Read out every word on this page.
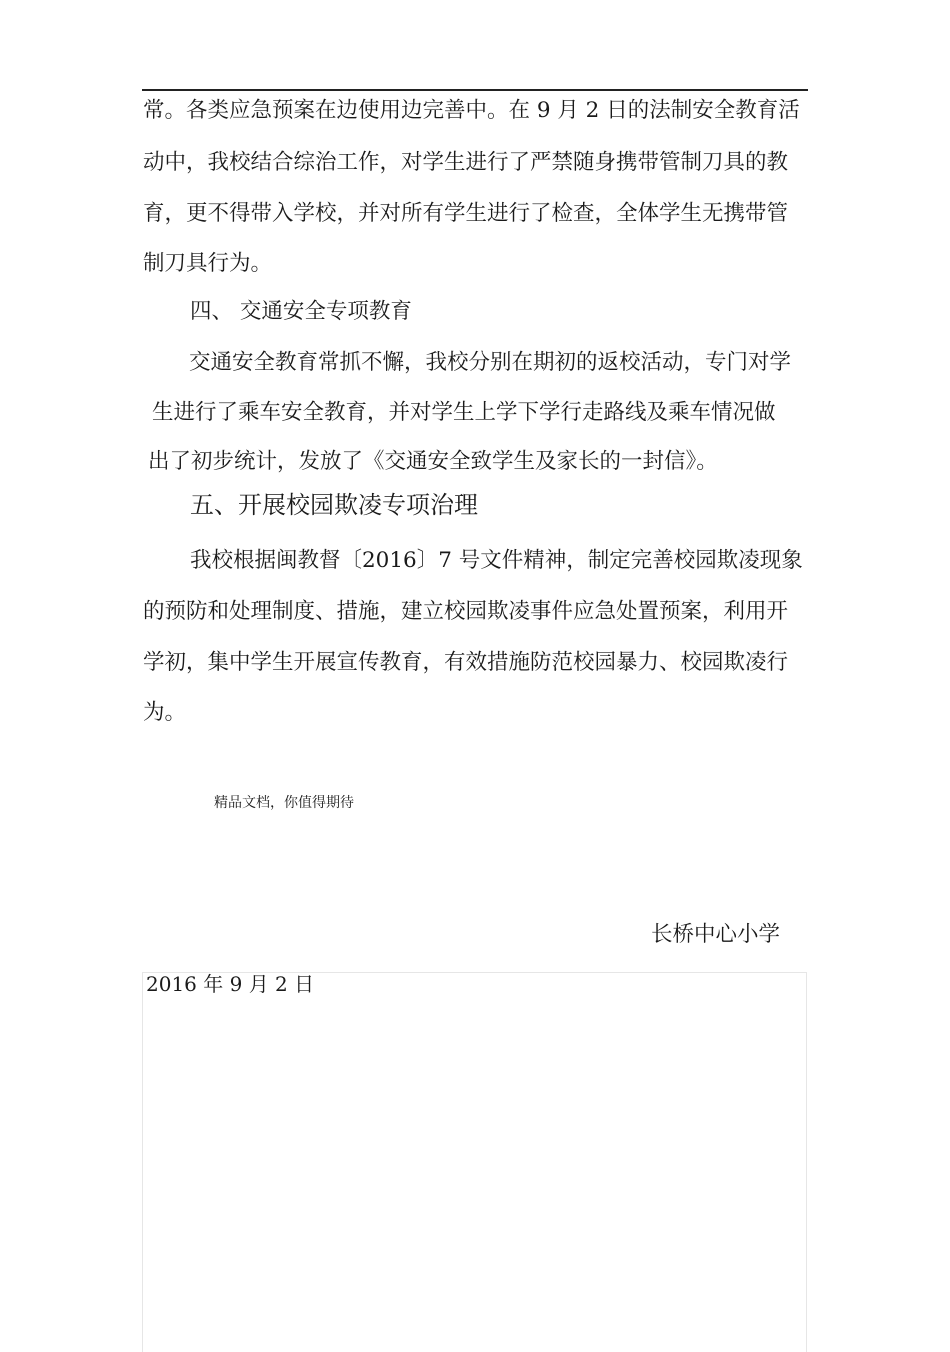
常。各类应急预案在边使用边完善中。在 9 月 2 日的法制安全教育活
动中，我校结合综治工作，对学生进行了严禁随身携带管制刀具的教
育，更不得带入学校，并对所有学生进行了检查，全体学生无携带管
制刀具行为。
四、 交通安全专项教育
交通安全教育常抓不懈，我校分别在期初的返校活动，专门对学
生进行了乘车安全教育，并对学生上学下学行走路线及乘车情况做
出了初步统计，发放了《交通安全致学生及家长的一封信》。
五、开展校园欺凌专项治理
我校根据闽教督〔2016〕7 号文件精神，制定完善校园欺凌现象
的预防和处理制度、措施，建立校园欺凌事件应急处置预案，利用开
学初，集中学生开展宣传教育，有效措施防范校园暴力、校园欺凌行
为。
精品文档，你值得期待
长桥中心小学
2016 年 9 月 2 日
